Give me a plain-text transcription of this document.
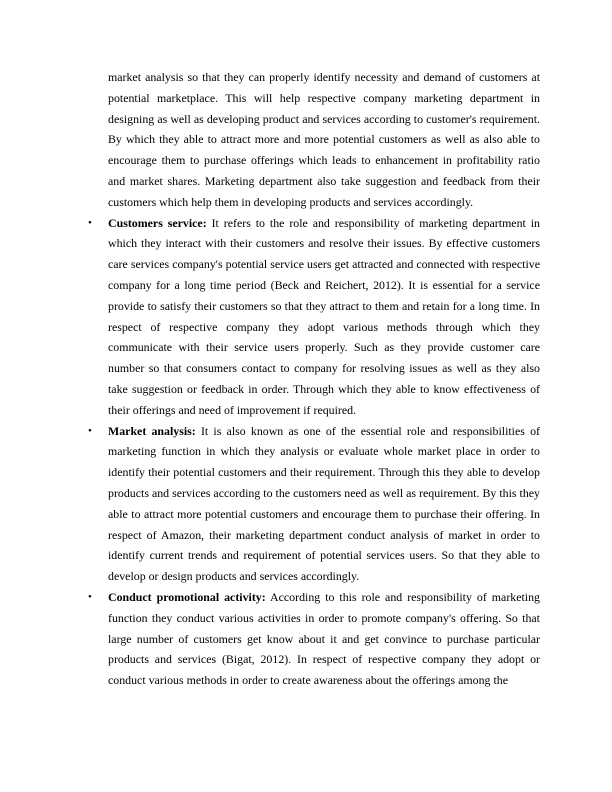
market analysis so that they can properly identify necessity and demand of customers at potential marketplace. This will help respective company marketing department in designing as well as developing product and services according to customer's requirement. By which they able to attract more and more potential customers as well as also able to encourage them to purchase offerings which leads to enhancement in profitability ratio and market shares. Marketing department also take suggestion and feedback from their customers which help them in developing products and services accordingly.

• Customers service: It refers to the role and responsibility of marketing department in which they interact with their customers and resolve their issues. By effective customers care services company's potential service users get attracted and connected with respective company for a long time period (Beck and Reichert, 2012). It is essential for a service provide to satisfy their customers so that they attract to them and retain for a long time. In respect of respective company they adopt various methods through which they communicate with their service users properly. Such as they provide customer care number so that consumers contact to company for resolving issues as well as they also take suggestion or feedback in order. Through which they able to know effectiveness of their offerings and need of improvement if required.

• Market analysis: It is also known as one of the essential role and responsibilities of marketing function in which they analysis or evaluate whole market place in order to identify their potential customers and their requirement. Through this they able to develop products and services according to the customers need as well as requirement. By this they able to attract more potential customers and encourage them to purchase their offering. In respect of Amazon, their marketing department conduct analysis of market in order to identify current trends and requirement of potential services users. So that they able to develop or design products and services accordingly.

• Conduct promotional activity: According to this role and responsibility of marketing function they conduct various activities in order to promote company's offering. So that large number of customers get know about it and get convince to purchase particular products and services (Bigat, 2012). In respect of respective company they adopt or conduct various methods in order to create awareness about the offerings among the
